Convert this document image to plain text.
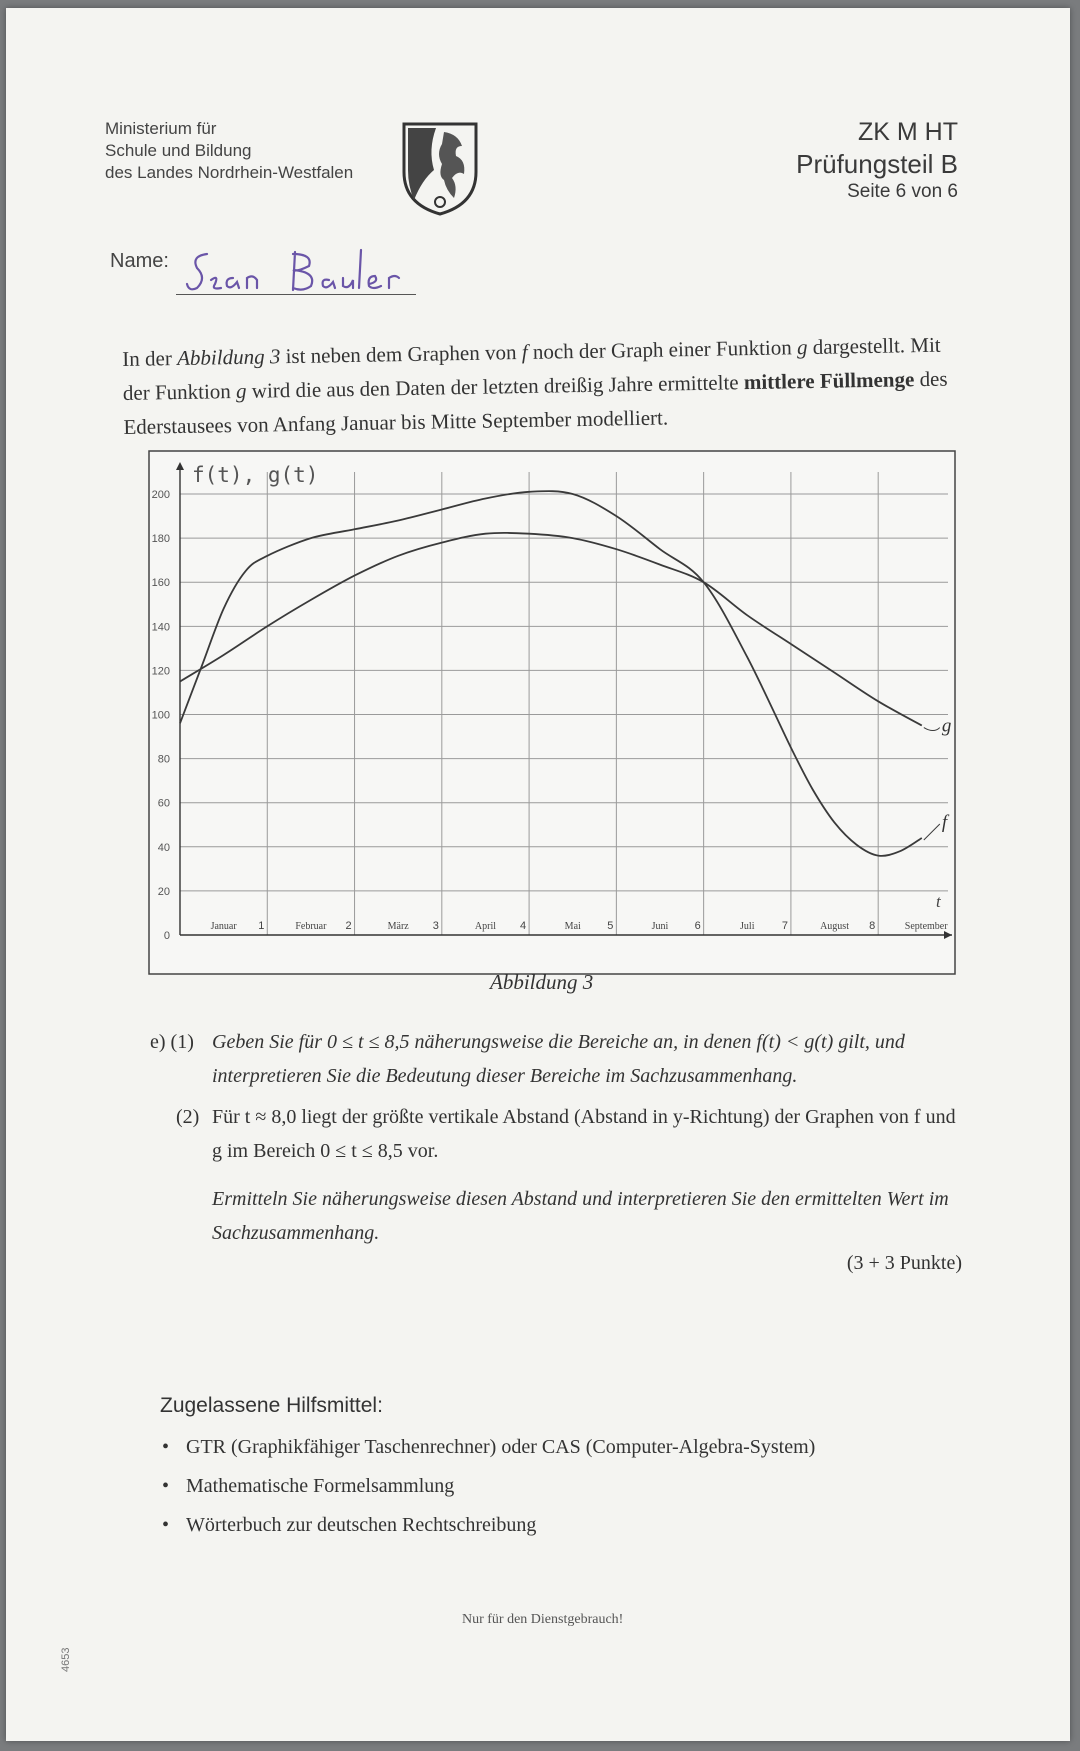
Ministerium für
Schule und Bildung
des Landes Nordrhein-Westfalen
ZK M HT
Prüfungsteil B
Seite 6 von 6
Name:
In der Abbildung 3 ist neben dem Graphen von f noch der Graph einer Funktion g dargestellt. Mit der Funktion g wird die aus den Daten der letzten dreißig Jahre ermittelte mittlere Füllmenge des Ederstausees von Anfang Januar bis Mitte September modelliert.
0
20
40
60
80
100
120
140
160
180
200
1	2	3	4	5	6	7	8
Januar	Februar	März	April	Mai	Juni	Juli	August	September
f(t), g(t)
t
f
g
Abbildung 3
e) (1) Geben Sie für 0 ≤ t ≤ 8,5 näherungsweise die Bereiche an, in denen f(t) < g(t) gilt, und interpretieren Sie die Bedeutung dieser Bereiche im Sachzusammenhang.
(2) Für t ≈ 8,0 liegt der größte vertikale Abstand (Abstand in y-Richtung) der Graphen von f und g im Bereich 0 ≤ t ≤ 8,5 vor.
Ermitteln Sie näherungsweise diesen Abstand und interpretieren Sie den ermittelten Wert im Sachzusammenhang.
(3 + 3 Punkte)
Zugelassene Hilfsmittel:
• GTR (Graphikfähiger Taschenrechner) oder CAS (Computer-Algebra-System)
• Mathematische Formelsammlung
• Wörterbuch zur deutschen Rechtschreibung
Nur für den Dienstgebrauch!
4653
